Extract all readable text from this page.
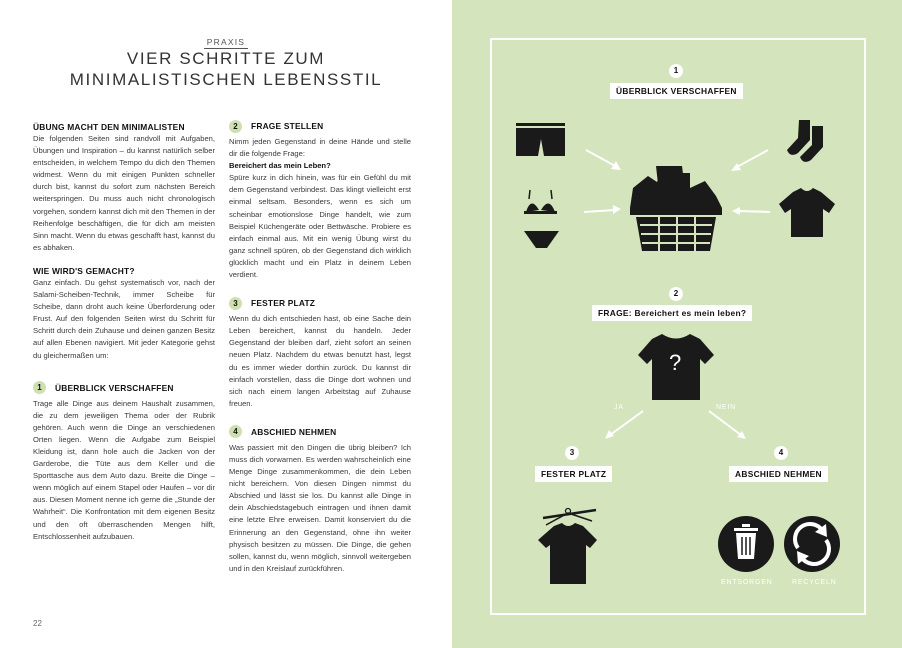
PRAXIS
VIER SCHRITTE ZUM
MINIMALISTISCHEN LEBENSSTIL
ÜBUNG MACHT DEN MINIMALISTEN

Die folgenden Seiten sind randvoll mit Aufgaben, Übungen und Inspiration – du kannst natürlich selber entscheiden, in welchem Tempo du dich den Themen widmest. Wenn du mit einigen Punkten schneller durch bist, kannst du sofort zum nächsten Bereich weiterspringen. Du muss auch nicht chronologisch vorgehen, sondern kannst dich mit den Themen in der Reihenfolge beschäftigen, die für dich am meisten Sinn macht. Wenn du etwas geschafft hast, kannst du es abhaken.

WIE WIRD'S GEMACHT?

Ganz einfach. Du gehst systematisch vor, nach der Salami-Scheiben-Technik, immer Scheibe für Scheibe, dann droht auch keine Überforderung oder Frust. Auf den folgenden Seiten wirst du Schritt für Schritt durch dein Zuhause und deinen ganzen Besitz auf allen Ebenen navigiert. Mit jeder Kategorie gehst du gleichermaßen um:

1	ÜBERBLICK VERSCHAFFEN

Trage alle Dinge aus deinem Haushalt zusammen, die zu dem jeweiligen Thema oder der Rubrik gehören. Auch wenn die Dinge an verschiedenen Orten liegen. Wenn die Aufgabe zum Beispiel Kleidung ist, dann hole auch die Jacken von der Garderobe, die Tüte aus dem Keller und die Sporttasche aus dem Auto dazu. Breite die Dinge – wenn möglich auf einem Stapel oder Haufen – vor dir aus. Diesen Moment nenne ich gerne die „Stunde der Wahrheit“. Die Konfrontation mit dem eigenen Besitz und den oft überraschenden Mengen hilft, Entschlossenheit aufzubauen.

2	FRAGE STELLEN

Nimm jeden Gegenstand in deine Hände und stelle dir die folgende Frage:

Bereichert das mein Leben?

Spüre kurz in dich hinein, was für ein Gefühl du mit dem Gegenstand verbindest. Das klingt vielleicht erst einmal seltsam. Besonders, wenn es sich um scheinbar emotionslose Dinge handelt, wie zum Beispiel Küchengeräte oder Bettwäsche. Probiere es einfach einmal aus. Mit ein wenig Übung wirst du ganz schnell spüren, ob der Gegenstand dich wirklich glücklich macht und ein Platz in deinem Leben verdient.

3	FESTER PLATZ

Wenn du dich entschieden hast, ob eine Sache dein Leben bereichert, kannst du handeln. Jeder Gegenstand der bleiben darf, zieht sofort an seinen neuen Platz. Nachdem du etwas benutzt hast, legst du es immer wieder dorthin zurück. Du kannst dir einfach vorstellen, dass die Dinge dort wohnen und sich nach einem langen Arbeitstag auf Zuhause freuen.

4	ABSCHIED NEHMEN

Was passiert mit den Dingen die übrig bleiben? Ich muss dich vorwarnen. Es werden wahrscheinlich eine Menge Dinge zusammenkommen, die dein Leben nicht bereichern. Von diesen Dingen nimmst du Abschied und lässt sie los. Du kannst alle Dinge in dein Abschiedstagebuch eintragen und ihnen damit eine letzte Ehre erweisen. Damit konserviert du die Erinnerung an den Gegenstand, ohne ihn weiter physisch besitzen zu müssen. Die Dinge, die gehen sollen, kannst du, wenn möglich, sinnvoll weitergeben und in den Kreislauf zurückführen.

22
1
ÜBERBLICK VERSCHAFFEN
2
FRAGE: Bereichert es mein leben?
?
JA	NEIN
3
FESTER PLATZ
4
ABSCHIED NEHMEN
ENTSORGEN	RECYCELN
